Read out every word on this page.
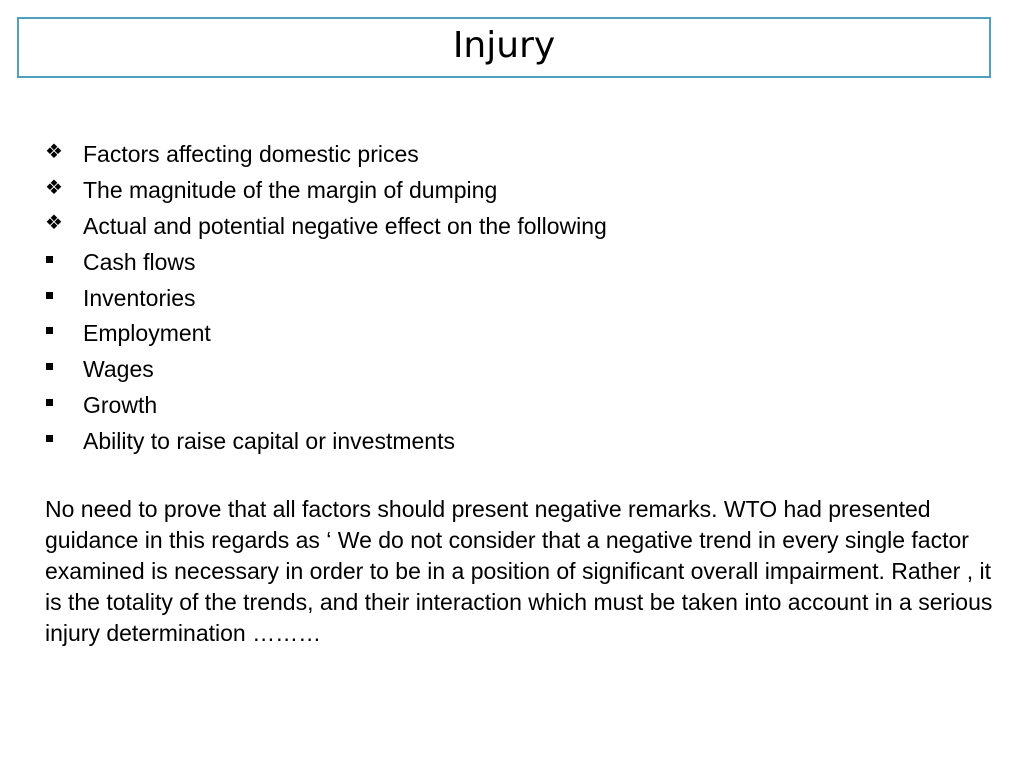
Injury
❖ Factors affecting domestic prices
❖ The magnitude of the margin of dumping
❖ Actual and potential negative effect on the following
Cash flows
Inventories
Employment
Wages
Growth
Ability to raise capital or investments

No need to prove that all factors should present negative remarks. WTO had presented guidance in this regards as ‘ We do not consider that a negative trend in every single factor examined is necessary in order to be in a position of significant overall impairment. Rather , it is the totality of the trends, and their interaction which must be taken into account in a serious injury determination ………
